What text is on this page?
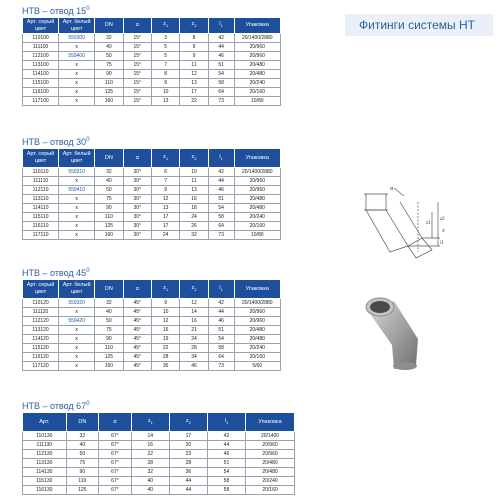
Фитинги системы HT
HTB – отвод $15^0$
Арт. серый цвет	Арт. белый цвет	DN	α	$z_1$	$z_2$	$l_1$	Упаковка
110100	559300	32	15°	3	8	42	20/1400/2880
111100	x	40	15°	5	9	44	20/960
112100	559400	50	15°	5	9	46	20/960
113100	x	75	15°	7	11	51	20/480
114100	x	90	15°	8	12	54	20/480
115100	x	110	15°	9	13	58	20/240
116100	x	125	15°	10	17	64	20/160
117100	x	160	15°	13	22	73	10/80
HTB – отвод $30^0$
Арт. серый цвет	Арт. белый цвет	DN	α	$z_1$	$z_2$	$l_1$	Упаковка
110110	559310	32	30°	6	10	42	20/1400/2880
111110	x	40	30°	7	11	44	20/960
112110	559410	50	30°	9	13	46	20/960
113110	x	75	30°	12	16	51	20/480
114110	x	90	30°	13	18	54	20/480
115110	x	110	30°	17	24	58	20/240
116110	x	125	30°	17	26	64	20/160
117110	x	160	30°	24	32	73	10/80
HTB – отвод $45^0$
Арт. серый цвет	Арт. белый цвет	DN	α	$z_1$	$z_2$	$l_1$	Упаковка
110120	559320	32	45°	9	12	42	20/1400/2880
111120	x	40	45°	10	14	44	20/960
112120	559420	50	45°	12	16	46	20/960
113120	x	75	45°	16	21	51	20/480
114120	x	90	45°	19	24	54	20/480
115120	x	110	45°	22	28	58	20/240
116120	x	125	45°	28	34	64	20/160
117120	x	160	45°	36	46	73	5/60
HTB – отвод $67^0$
Арт.	DN	α	$z_1$	$z_2$	$l_1$	Упаковка
110130	32	67°	14	17	42	20/1400
111130	40	67°	16	20	44	20/960
112130	50	67°	22	23	46	20/960
113130	75	67°	28	28	51	20/480
114130	90	67°	32	36	54	20/480
115130	110	67°	40	44	58	20/240
116130	125	67°	40	44	58	20/160
α
z1
z2
l1
d
